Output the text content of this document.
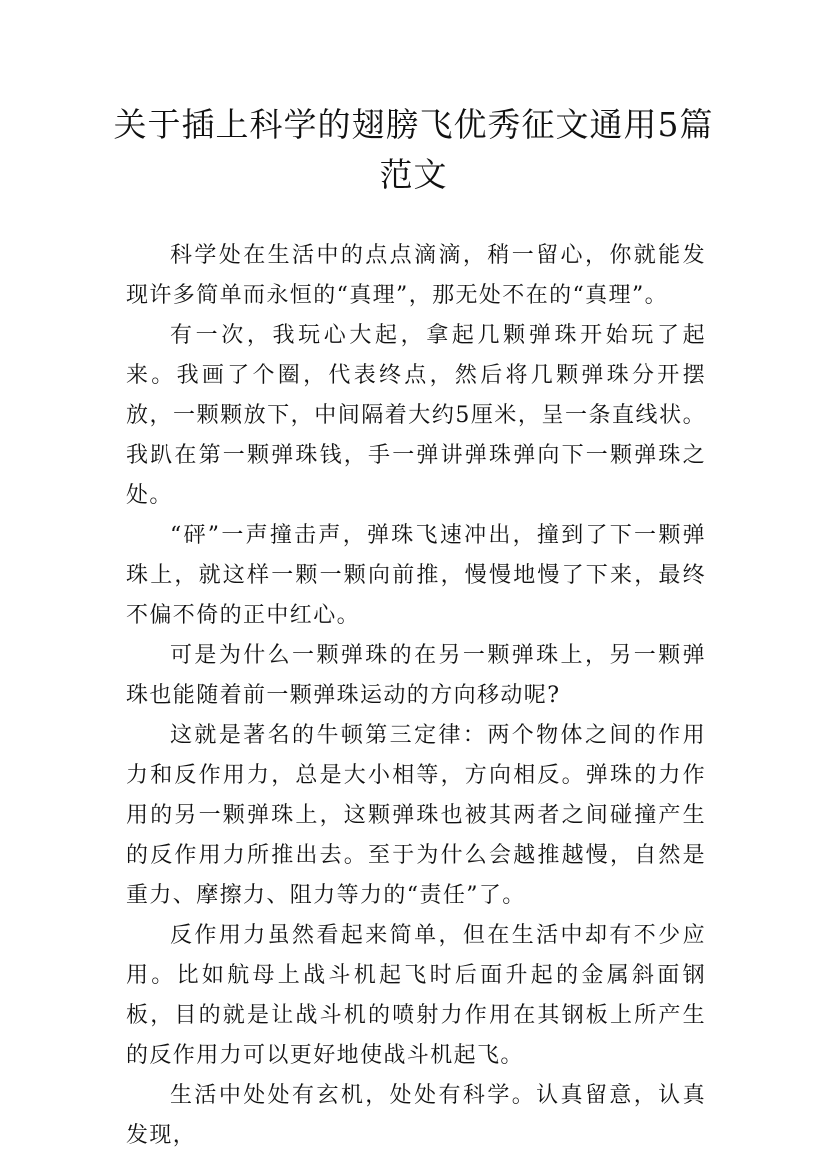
关于插上科学的翅膀飞优秀征文通用5篇范文

科学处在生活中的点点滴滴，稍一留心，你就能发现许多简单而永恒的“真理”，那无处不在的“真理”。

有一次，我玩心大起，拿起几颗弹珠开始玩了起来。我画了个圈，代表终点，然后将几颗弹珠分开摆放，一颗颗放下，中间隔着大约5厘米，呈一条直线状。我趴在第一颗弹珠钱，手一弹讲弹珠弹向下一颗弹珠之处。

“砰”一声撞击声，弹珠飞速冲出，撞到了下一颗弹珠上，就这样一颗一颗向前推，慢慢地慢了下来，最终不偏不倚的正中红心。

可是为什么一颗弹珠的在另一颗弹珠上，另一颗弹珠也能随着前一颗弹珠运动的方向移动呢?

这就是著名的牛顿第三定律：两个物体之间的作用力和反作用力，总是大小相等，方向相反。弹珠的力作用的另一颗弹珠上，这颗弹珠也被其两者之间碰撞产生的反作用力所推出去。至于为什么会越推越慢，自然是重力、摩擦力、阻力等力的“责任”了。

反作用力虽然看起来简单，但在生活中却有不少应用。比如航母上战斗机起飞时后面升起的金属斜面钢板，目的就是让战斗机的喷射力作用在其钢板上所产生的反作用力可以更好地使战斗机起飞。

生活中处处有玄机，处处有科学。认真留意，认真发现，
